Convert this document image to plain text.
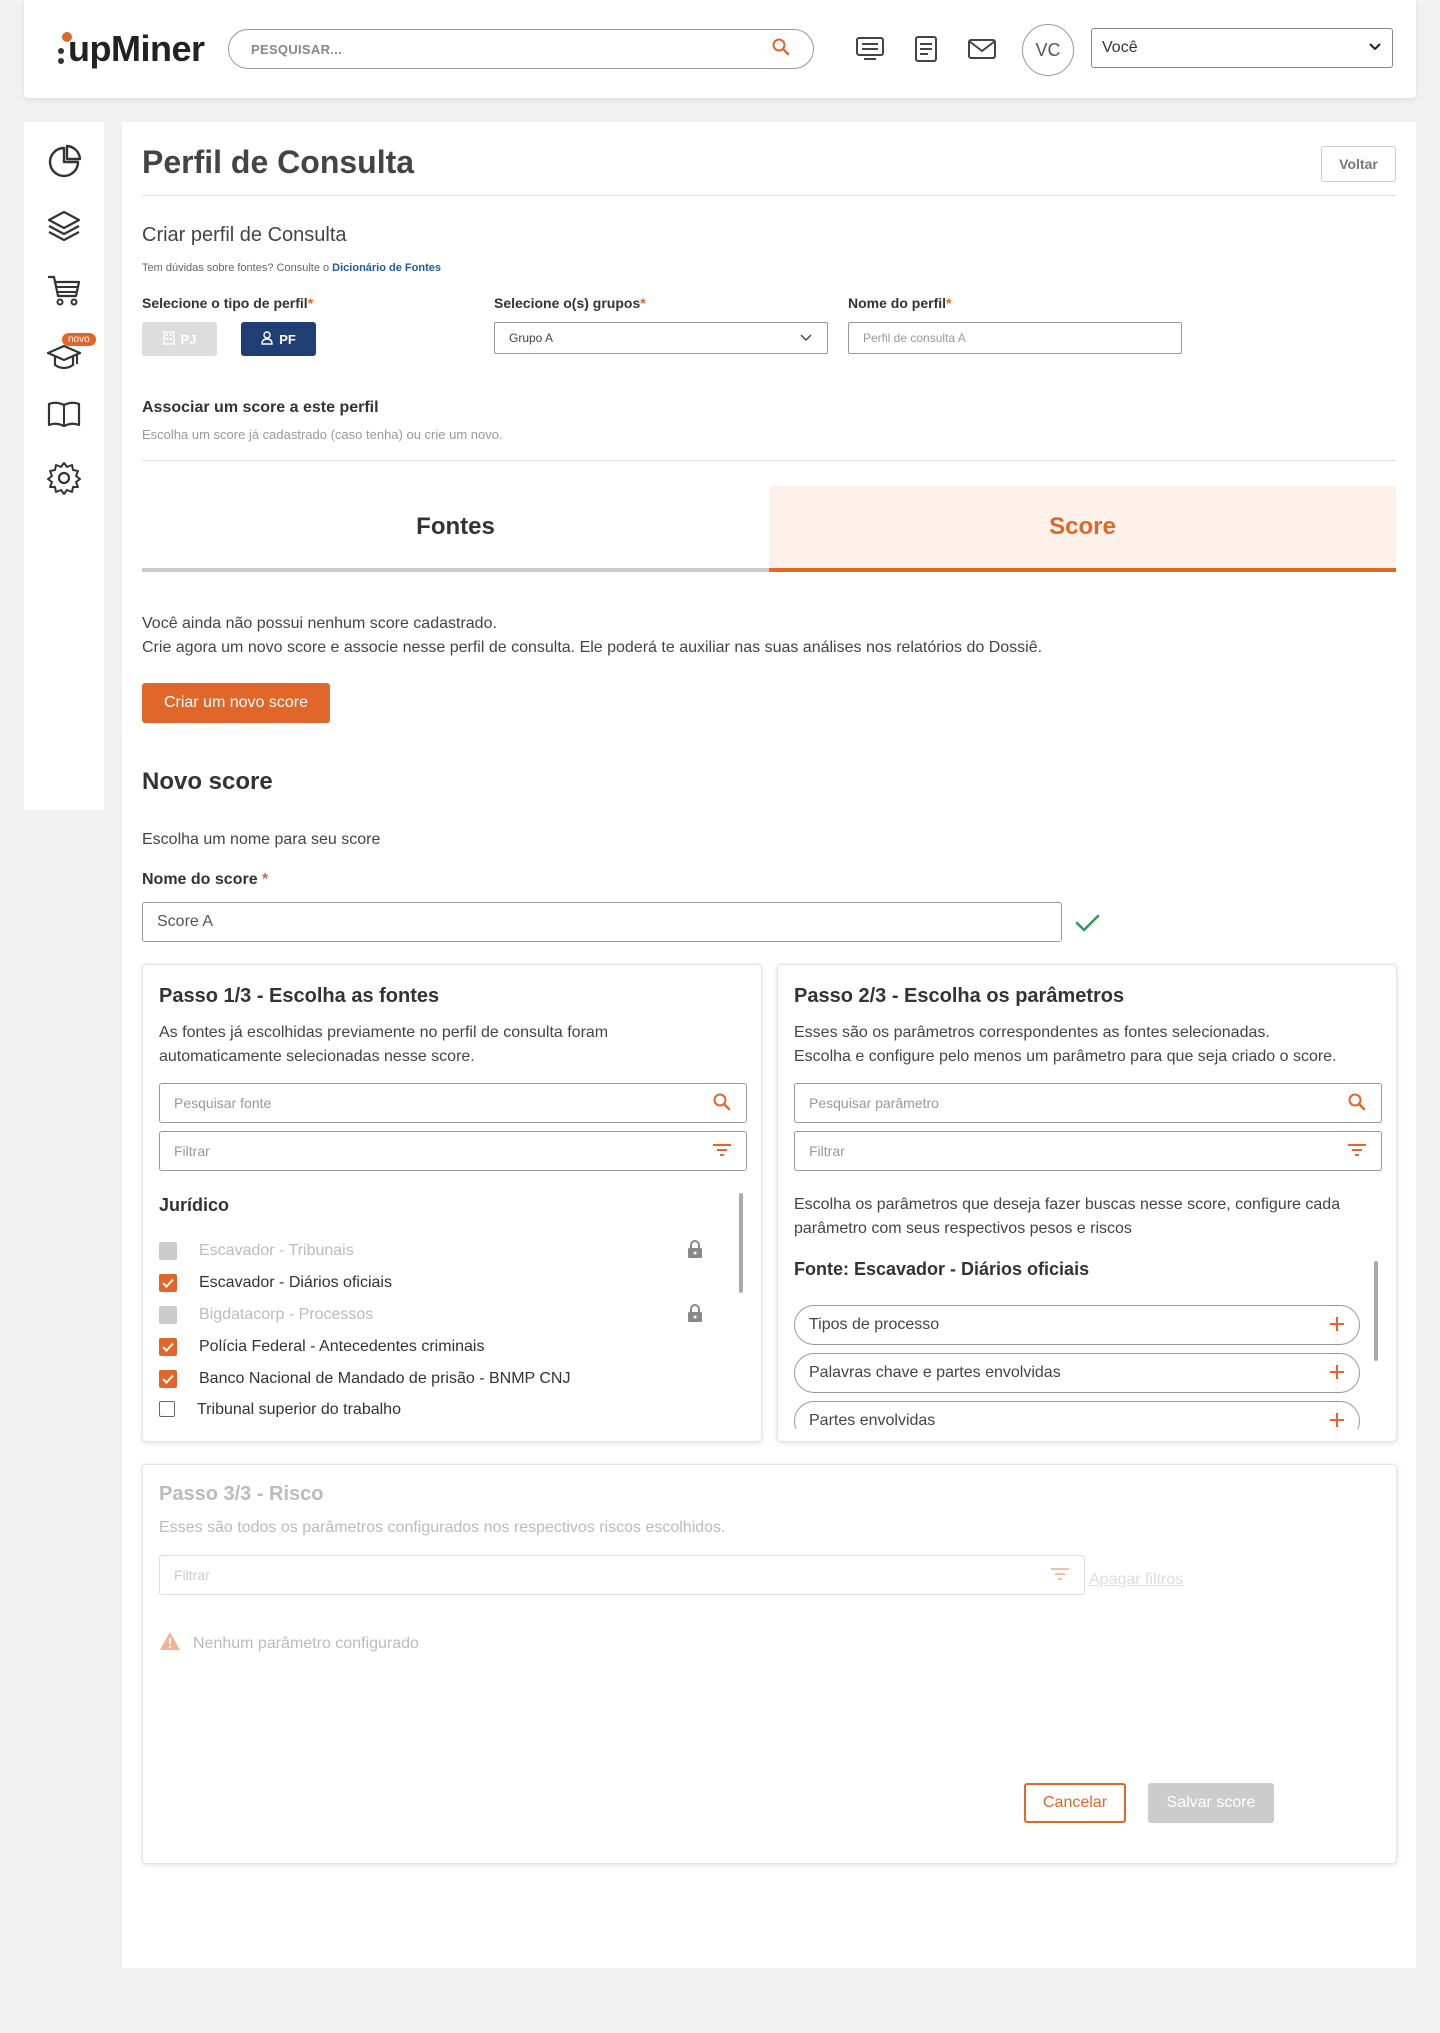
upMiner	PESQUISAR...	VC	Você
novo
Perfil de Consulta	Voltar
Criar perfil de Consulta
Tem dúvidas sobre fontes? Consulte o Dicionário de Fontes
Selecione o tipo de perfil*
PJ	PF
Selecione o(s) grupos*
Grupo A
Nome do perfil*
Perfil de consulta A
Associar um score a este perfil
Escolha um score já cadastrado (caso tenha) ou crie um novo.
Fontes	Score
Você ainda não possui nenhum score cadastrado.
Crie agora um novo score e associe nesse perfil de consulta. Ele poderá te auxiliar nas suas análises nos relatórios do Dossiê.
Criar um novo score
Novo score
Escolha um nome para seu score
Nome do score *
Score A
Passo 1/3 - Escolha as fontes
As fontes já escolhidas previamente no perfil de consulta foram
automaticamente selecionadas nesse score.
Pesquisar fonte
Filtrar
Jurídico
Escavador - Tribunais
Escavador - Diários oficiais
Bigdatacorp - Processos
Polícia Federal - Antecedentes criminais
Banco Nacional de Mandado de prisão - BNMP CNJ
Tribunal superior do trabalho
Passo 2/3 - Escolha os parâmetros
Esses são os parâmetros correspondentes as fontes selecionadas.
Escolha e configure pelo menos um parâmetro para que seja criado o score.
Pesquisar parâmetro
Filtrar
Escolha os parâmetros que deseja fazer buscas nesse score, configure cada
parâmetro com seus respectivos pesos e riscos
Fonte: Escavador - Diários oficiais
Tipos de processo
Palavras chave e partes envolvidas
Partes envolvidas
Passo 3/3 - Risco
Esses são todos os parâmetros configurados nos respectivos riscos escolhidos.
Filtrar	Apagar filtros
Nenhum parâmetro configurado
Cancelar	Salvar score
